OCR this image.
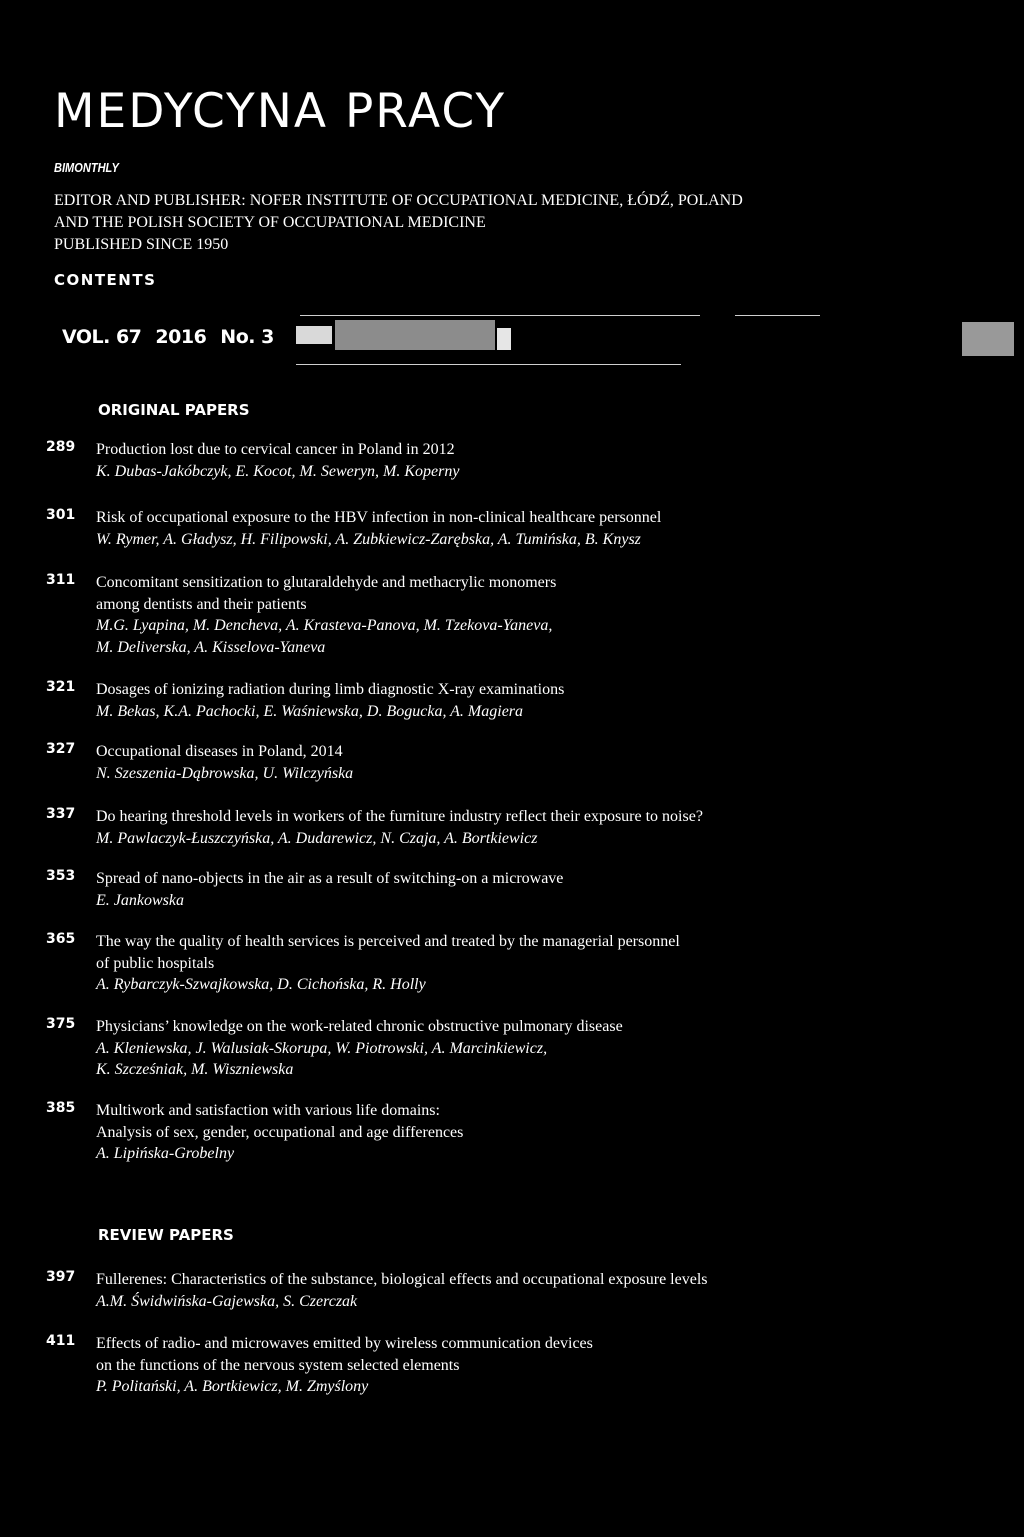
MEDYCYNA PRACY
BIMONTHLY
EDITOR AND PUBLISHER: NOFER INSTITUTE OF OCCUPATIONAL MEDICINE, ŁÓDŹ, POLAND
AND THE POLISH SOCIETY OF OCCUPATIONAL MEDICINE
PUBLISHED SINCE 1950
CONTENTS
VOL. 67 2016 No. 3
ORIGINAL PAPERS
289 Production lost due to cervical cancer in Poland in 2012
K. Dubas-Jakóbczyk, E. Kocot, M. Seweryn, M. Koperny
301 Risk of occupational exposure to the HBV infection in non-clinical healthcare personnel
W. Rymer, A. Gładysz, H. Filipowski, A. Zubkiewicz-Zarębska, A. Tumińska, B. Knysz
311 Concomitant sensitization to glutaraldehyde and methacrylic monomers
among dentists and their patients
M.G. Lyapina, M. Dencheva, A. Krasteva-Panova, M. Tzekova-Yaneva,
M. Deliverska, A. Kisselova-Yaneva
321 Dosages of ionizing radiation during limb diagnostic X-ray examinations
M. Bekas, K.A. Pachocki, E. Waśniewska, D. Bogucka, A. Magiera
327 Occupational diseases in Poland, 2014
N. Szeszenia-Dąbrowska, U. Wilczyńska
337 Do hearing threshold levels in workers of the furniture industry reflect their exposure to noise?
M. Pawlaczyk-Łuszczyńska, A. Dudarewicz, N. Czaja, A. Bortkiewicz
353 Spread of nano-objects in the air as a result of switching-on a microwave
E. Jankowska
365 The way the quality of health services is perceived and treated by the managerial personnel
of public hospitals
A. Rybarczyk-Szwajkowska, D. Cichońska, R. Holly
375 Physicians’ knowledge on the work-related chronic obstructive pulmonary disease
A. Kleniewska, J. Walusiak-Skorupa, W. Piotrowski, A. Marcinkiewicz,
K. Szcześniak, M. Wiszniewska
385 Multiwork and satisfaction with various life domains:
Analysis of sex, gender, occupational and age differences
A. Lipińska-Grobelny
REVIEW PAPERS
397 Fullerenes: Characteristics of the substance, biological effects and occupational exposure levels
A.M. Świdwińska-Gajewska, S. Czerczak
411 Effects of radio- and microwaves emitted by wireless communication devices
on the functions of the nervous system selected elements
P. Politański, A. Bortkiewicz, M. Zmyślony
